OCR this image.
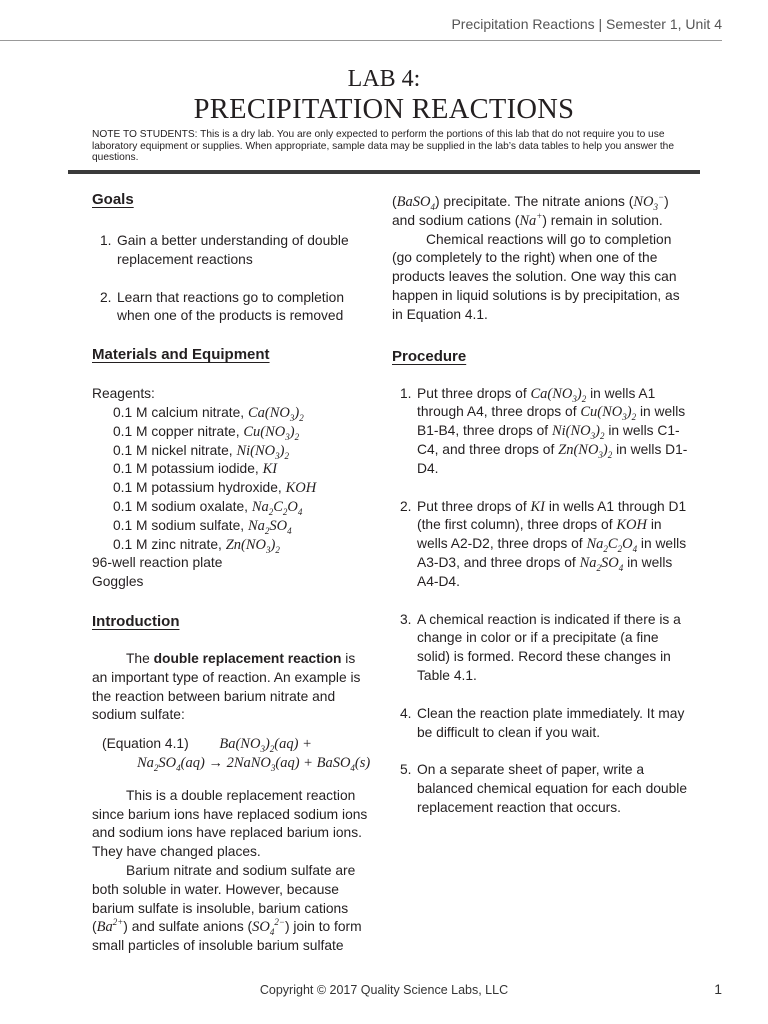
Precipitation Reactions | Semester 1, Unit 4
LAB 4:
PRECIPITATION REACTIONS
NOTE TO STUDENTS: This is a dry lab. You are only expected to perform the portions of this lab that do not require you to use laboratory equipment or supplies. When appropriate, sample data may be supplied in the lab’s data tables to help you answer the questions.
Goals
1. Gain a better understanding of double replacement reactions
2. Learn that reactions go to completion when one of the products is removed
Materials and Equipment
Reagents:
0.1 M calcium nitrate, $Ca(NO_3)_2$
0.1 M copper nitrate, $Cu(NO_3)_2$
0.1 M nickel nitrate, $Ni(NO_3)_2$
0.1 M potassium iodide, KI
0.1 M potassium hydroxide, KOH
0.1 M sodium oxalate, $Na_2C_2O_4$
0.1 M sodium sulfate, $Na_2SO_4$
0.1 M zinc nitrate, $Zn(NO_3)_2$
96-well reaction plate
Goggles
Introduction

The double replacement reaction is an important type of reaction. An example is the reaction between barium nitrate and sodium sulfate:

(Equation 4.1) $Ba(NO_3)_2(aq)$ +
$Na_2SO_4(aq)$ → 2NaNO$_3$(aq) + BaSO$_4$(s)

This is a double replacement reaction since barium ions have replaced sodium ions and sodium ions have replaced barium ions. They have changed places.

Barium nitrate and sodium sulfate are both soluble in water. However, because barium sulfate is insoluble, barium cations $(Ba^{2+})$ and sulfate anions $(SO_4^{2-})$ join to form small particles of insoluble barium sulfate

(BaSO$_4$) precipitate. The nitrate anions $(NO_3^-)$ and sodium cations (Na+) remain in solution.

Chemical reactions will go to completion (go completely to the right) when one of the products leaves the solution. One way this can happen in liquid solutions is by precipitation, as in Equation 4.1.

Procedure
1. Put three drops of $Ca(NO_3)_2$ in wells A1 through A4, three drops of $Cu(NO_3)_2$ in wells B1-B4, three drops of $Ni(NO_3)_2$ in wells C1-C4, and three drops of $Zn(NO_3)_2$ in wells D1-D4.
2. Put three drops of KI in wells A1 through D1 (the first column), three drops of KOH in wells A2-D2, three drops of $Na_2C_2O_4$ in wells A3-D3, and three drops of $Na_2SO_4$ in wells A4-D4.
3. A chemical reaction is indicated if there is a change in color or if a precipitate (a fine solid) is formed. Record these changes in Table 4.1.
4. Clean the reaction plate immediately. It may be difficult to clean if you wait.
5. On a separate sheet of paper, write a balanced chemical equation for each double replacement reaction that occurs.
Copyright © 2017 Quality Science Labs, LLC	1
